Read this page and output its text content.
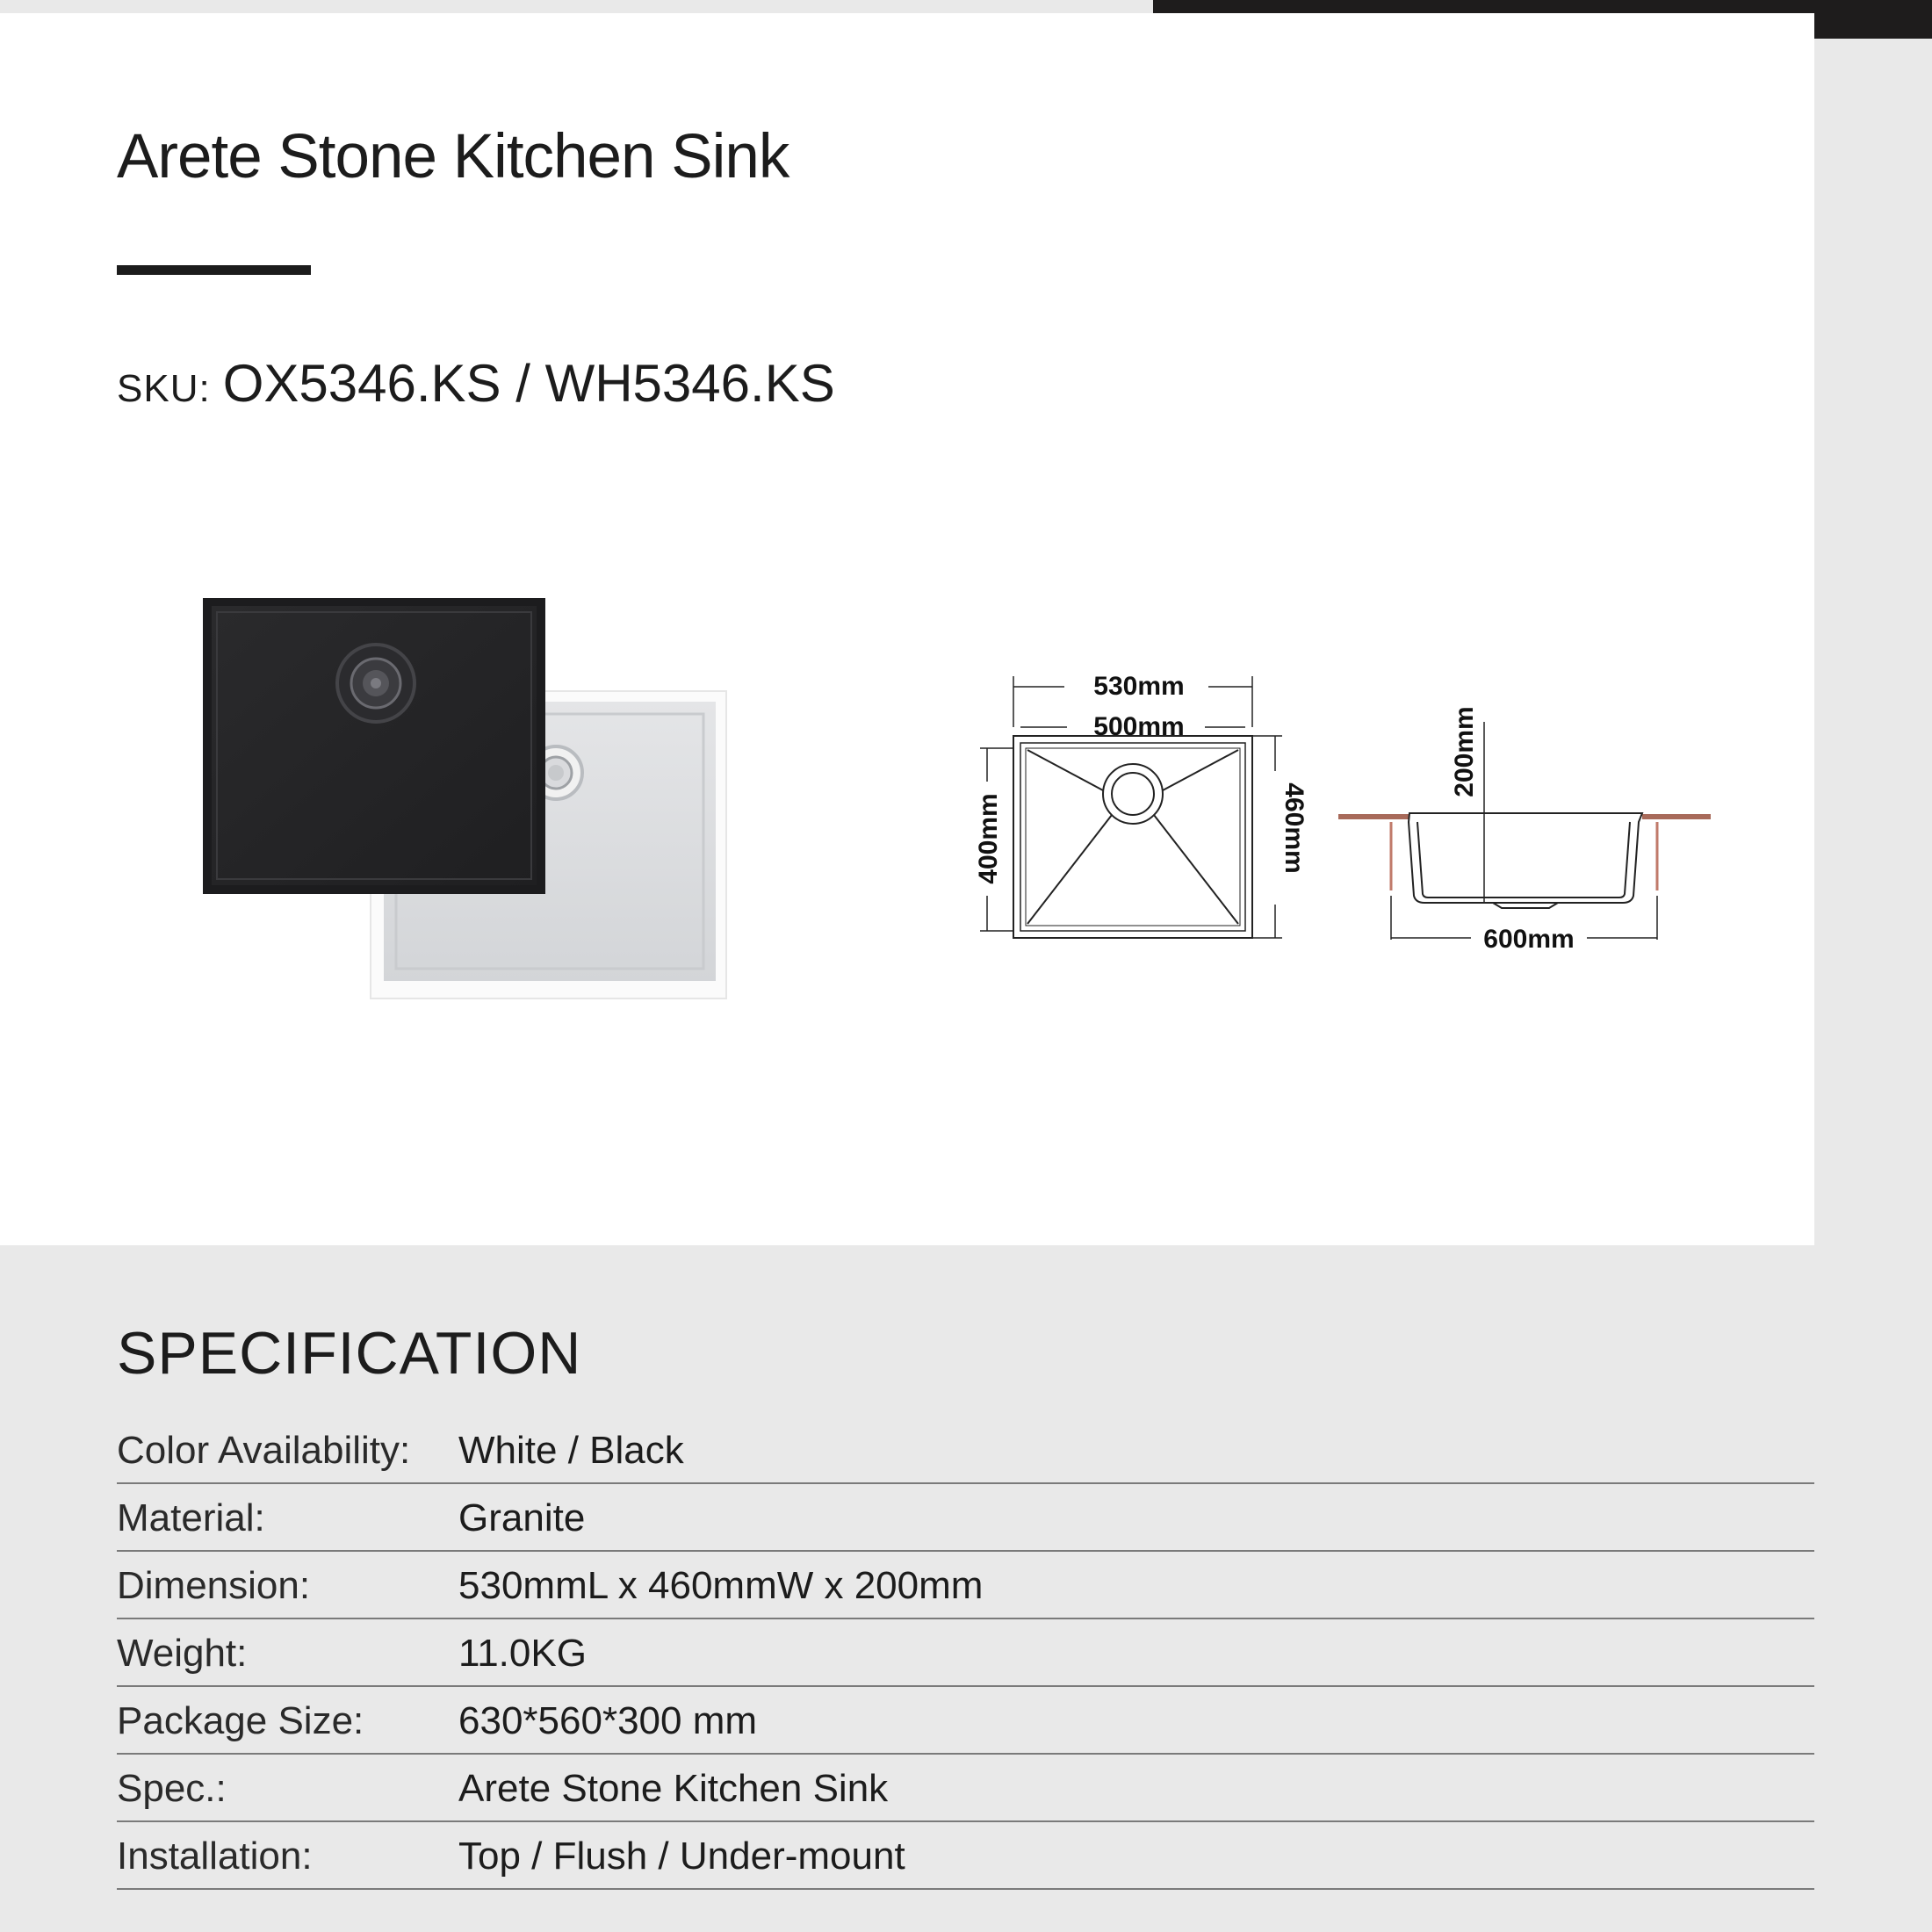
Arete Stone Kitchen Sink
SKU: OX5346.KS / WH5346.KS
530mm
500mm
400mm	460mm
200mm
600mm
SPECIFICATION
Color Availability: White / Black
Material:	Granite
Dimension:	530mmL x 460mmW x 200mm
Weight:	11.0KG
Package Size: 630*560*300 mm
Spec.:	Arete Stone Kitchen Sink
Installation:	Top / Flush / Under-mount
